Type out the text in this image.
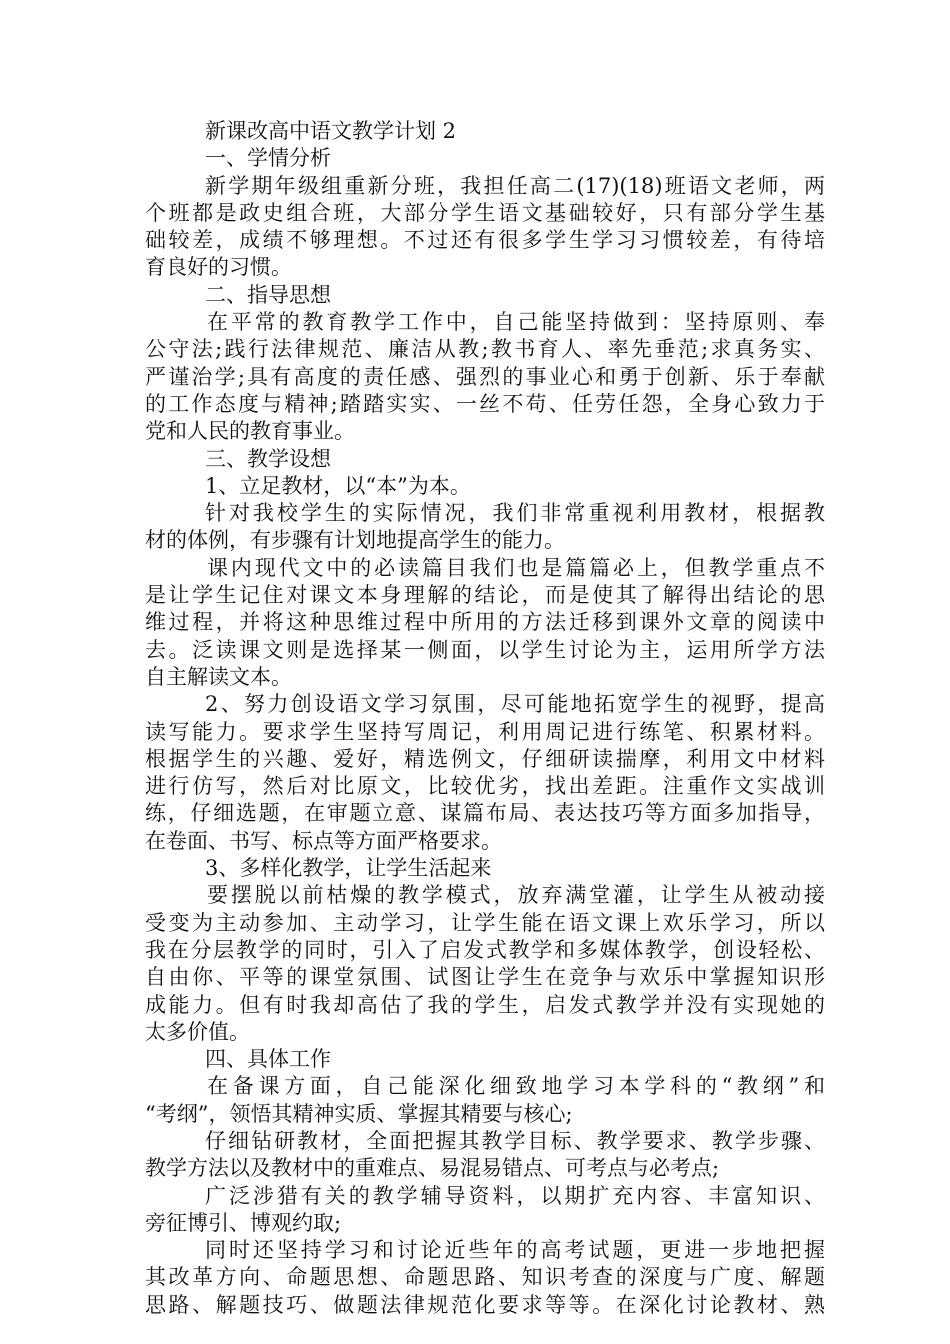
新课改高中语文教学计划 2
一、学情分析
新学期年级组重新分班，我担任高二(17)(18)班语文老师，两
个班都是政史组合班，大部分学生语文基础较好，只有部分学生基
础较差，成绩不够理想。不过还有很多学生学习习惯较差，有待培
育良好的习惯。
二、指导思想
在平常的教育教学工作中，自己能坚持做到：坚持原则、奉
公守法;践行法律规范、廉洁从教;教书育人、率先垂范;求真务实、
严谨治学;具有高度的责任感、强烈的事业心和勇于创新、乐于奉献
的工作态度与精神;踏踏实实、一丝不苟、任劳任怨，全身心致力于
党和人民的教育事业。
三、教学设想
1、立足教材，以“本”为本。
针对我校学生的实际情况，我们非常重视利用教材，根据教
材的体例，有步骤有计划地提高学生的能力。
课内现代文中的必读篇目我们也是篇篇必上，但教学重点不
是让学生记住对课文本身理解的结论，而是使其了解得出结论的思
维过程，并将这种思维过程中所用的方法迁移到课外文章的阅读中
去。泛读课文则是选择某一侧面，以学生讨论为主，运用所学方法
自主解读文本。
2、努力创设语文学习氛围，尽可能地拓宽学生的视野，提高
读写能力。要求学生坚持写周记，利用周记进行练笔、积累材料。
根据学生的兴趣、爱好，精选例文，仔细研读揣摩，利用文中材料
进行仿写，然后对比原文，比较优劣，找出差距。注重作文实战训
练，仔细选题，在审题立意、谋篇布局、表达技巧等方面多加指导，
在卷面、书写、标点等方面严格要求。
3、多样化教学，让学生活起来
要摆脱以前枯燥的教学模式，放弃满堂灌，让学生从被动接
受变为主动参加、主动学习，让学生能在语文课上欢乐学习，所以
我在分层教学的同时，引入了启发式教学和多媒体教学，创设轻松、
自由你、平等的课堂氛围、试图让学生在竞争与欢乐中掌握知识形
成能力。但有时我却高估了我的学生，启发式教学并没有实现她的
太多价值。
四、具体工作
在备课方面，自己能深化细致地学习本学科的“教纲”和
“考纲”，领悟其精神实质、掌握其精要与核心;
仔细钻研教材，全面把握其教学目标、教学要求、教学步骤、
教学方法以及教材中的重难点、易混易错点、可考点与必考点;
广泛涉猎有关的教学辅导资料，以期扩充内容、丰富知识、
旁征博引、博观约取;
同时还坚持学习和讨论近些年的高考试题，更进一步地把握
其改革方向、命题思想、命题思路、知识考查的深度与广度、解题
思路、解题技巧、做题法律规范化要求等等。在深化讨论教材、熟
